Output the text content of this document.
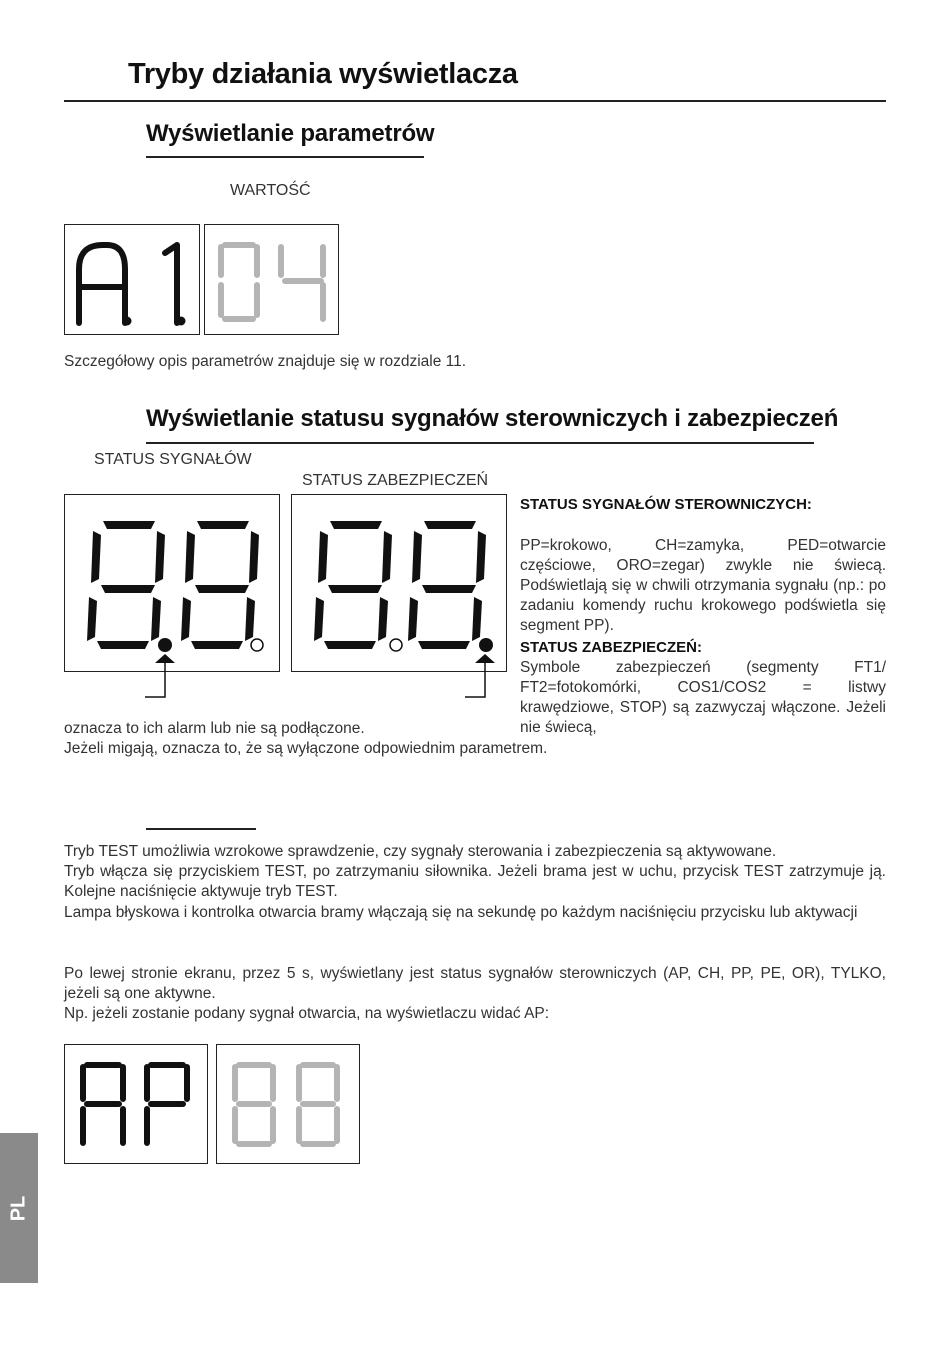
Tryby działania wyświetlacza
Wyświetlanie parametrów
WARTOŚĆ
Szczegółowy opis parametrów znajduje się w rozdziale 11.
Wyświetlanie statusu sygnałów sterowniczych i zabezpieczeń
STATUS SYGNAŁÓW
STATUS ZABEZPIECZEŃ
STATUS SYGNAŁÓW STEROWNICZYCH:
PP=krokowo, CH=zamyka, PED=otwarcie częściowe, ORO=zegar) zwykle nie świecą. Podświetlają się w chwili otrzymania sygnału (np.: po zadaniu komendy ruchu krokowego podświetla się segment PP).
STATUS ZABEZPIECZEŃ:
Symbole zabezpieczeń (segmenty FT1/ FT2=fotokomórki, COS1/COS2 = listwy krawędziowe, STOP) są zazwyczaj włączone. Jeżeli nie świecą,
oznacza to ich alarm lub nie są podłączone.
Jeżeli migają, oznacza to, że są wyłączone odpowiednim parametrem.
Tryb TEST umożliwia wzrokowe sprawdzenie, czy sygnały sterowania i zabezpieczenia są aktywowane.
Tryb włącza się przyciskiem TEST, po zatrzymaniu siłownika. Jeżeli brama jest w uchu, przycisk TEST zatrzymuje ją. Kolejne naciśnięcie aktywuje tryb TEST.
Lampa błyskowa i kontrolka otwarcia bramy włączają się na sekundę po każdym naciśnięciu przycisku lub aktywacji
Po lewej stronie ekranu, przez 5 s, wyświetlany jest status sygnałów sterowniczych (AP, CH, PP, PE, OR), TYLKO, jeżeli są one aktywne.
Np. jeżeli zostanie podany sygnał otwarcia, na wyświetlaczu widać AP:
PL
